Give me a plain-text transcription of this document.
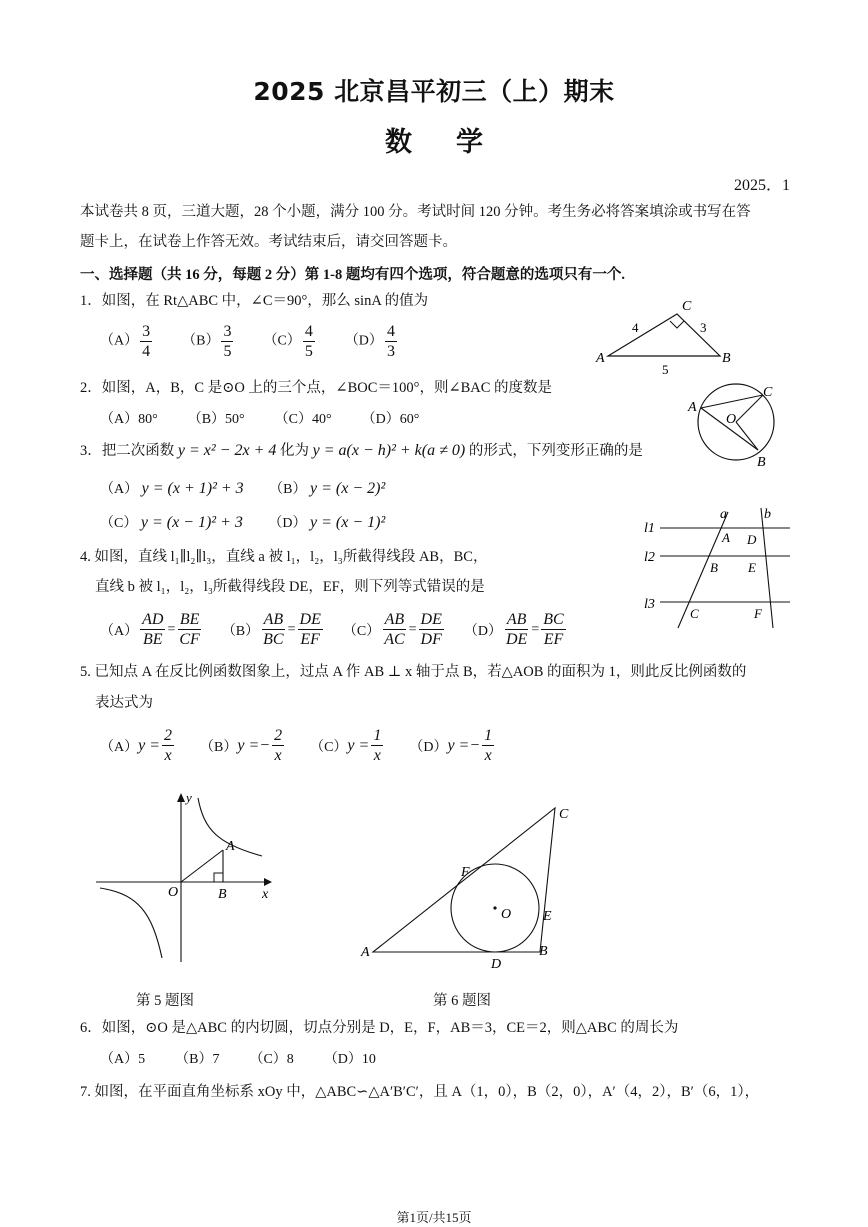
2025 北京昌平初三（上）期末
数学
2025．1
本试卷共 8 页，三道大题，28 个小题，满分 100 分。考试时间 120 分钟。考生务必将答案填涂或书写在答
题卡上，在试卷上作答无效。考试结束后，请交回答题卡。
一、选择题（共 16 分，每题 2 分）第 1-8 题均有四个选项，符合题意的选项只有一个.
1．如图，在 Rt△ABC 中，∠C＝90°，那么 sinA 的值为
$(A) \frac{3}{4} (B) \frac{3}{5} (C) \frac{4}{5} (D) \frac{4}{3}$	A	B
C
4	3
5
2．如图，A，B，C 是⊙O 上的三个点，∠BOC＝100°，则∠BAC 的度数是
（A）80° （B）50° （C）40° （D）60°
A
C
O
B
3．把二次函数 y = x² − 2x + 4 化为 y = a(x − h)² + k(a ≠ 0) 的形式，下列变形正确的是
（A） y = (x + 1)² + 3 （B） y = (x − 2)²
（C） y = (x − 1)² + 3 （D） y = (x − 1)²
4. 如图，直线 l₁∥l₂∥l₃，直线 a 被 l₁，l₂，l₃所截得线段 AB，BC，
直线 b 被 l₁，l₂，l₃所截得线段 DE，EF，则下列等式错误的是
$(A) \frac{AD}{BE} = \frac{BE}{CF} (B) \frac{AB}{BC} = \frac{DE}{EF} (C) \frac{AB}{AC} = \frac{DE}{DF} (D) \frac{AB}{DE} = \frac{BC}{EF}$
l1
l2
l3
a	b
A D
B E
C	F
5. 已知点 A 在反比例函数图象上，过点 A 作 AB ⊥ x 轴于点 B，若△AOB 的面积为 1，则此反比例函数的
表达式为
（A） $y = \frac{2}{x} (B) y$ = − $\frac{2}{x} (C) y = \frac{1}{x} (D) y$ = − $\frac{1}{x}$
y
x
O
A
B
第 5 题图
A	B
C
D
E
F
O
第 6 题图
6．如图，⊙O 是△ABC 的内切圆，切点分别是 D，E，F，AB＝3，CE＝2，则△ABC 的周长为
（A）5 （B）7 （C）8 （D）10
7. 如图，在平面直角坐标系 xOy 中，△ABC∽△A′B′C′，且 A（1，0），B（2，0），A′（4，2），B′（6，1），
第1页/共15页
